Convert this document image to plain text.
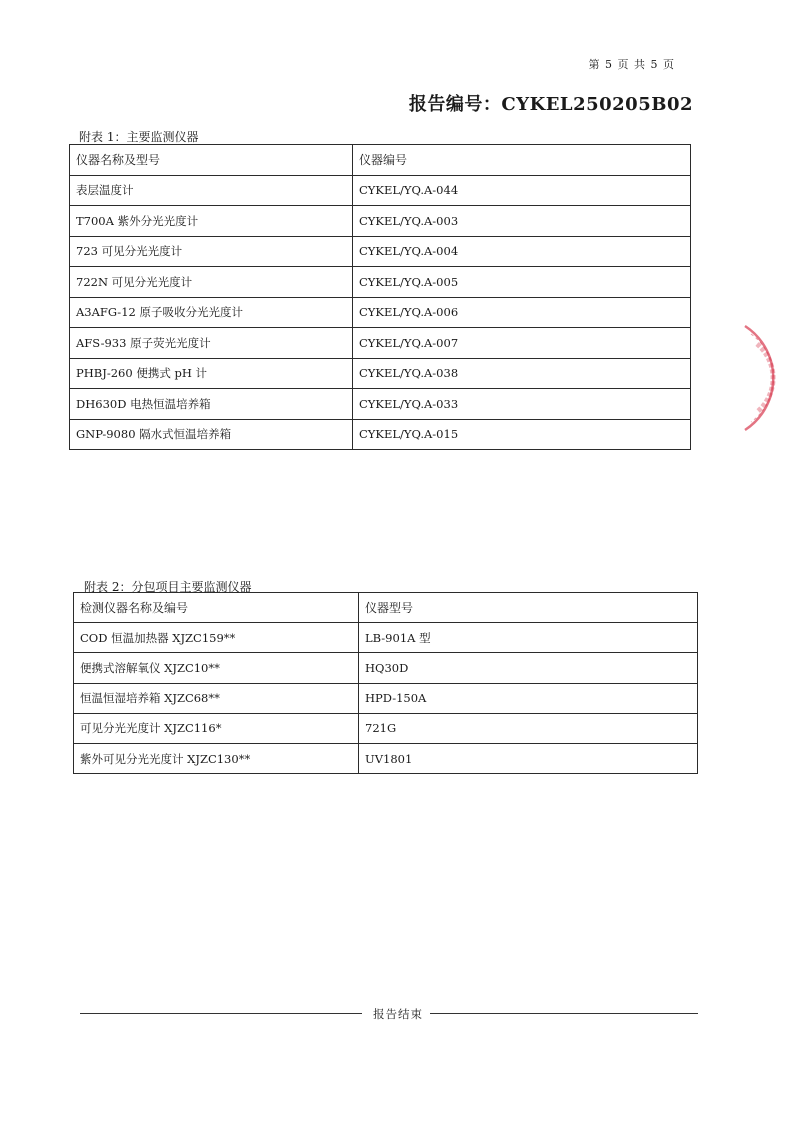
第 5 页 共 5 页
报告编号：CYKEL250205B02
附表 1：主要监测仪器
仪器名称及型号	仪器编号
表层温度计	CYKEL/YQ.A-044
T700A 紫外分光光度计	CYKEL/YQ.A-003
723 可见分光光度计	CYKEL/YQ.A-004
722N 可见分光光度计	CYKEL/YQ.A-005
A3AFG-12 原子吸收分光光度计	CYKEL/YQ.A-006
AFS-933 原子荧光光度计	CYKEL/YQ.A-007
PHBJ-260 便携式 pH 计	CYKEL/YQ.A-038
DH630D 电热恒温培养箱	CYKEL/YQ.A-033
GNP-9080 隔水式恒温培养箱	CYKEL/YQ.A-015
附表 2：分包项目主要监测仪器
检测仪器名称及编号	仪器型号
COD 恒温加热器 XJZC159**	LB-901A 型
便携式溶解氧仪 XJZC10**	HQ30D
恒温恒湿培养箱 XJZC68**	HPD-150A
可见分光光度计 XJZC116*	721G
紫外可见分光光度计 XJZC130**	UV1801
报告结束
